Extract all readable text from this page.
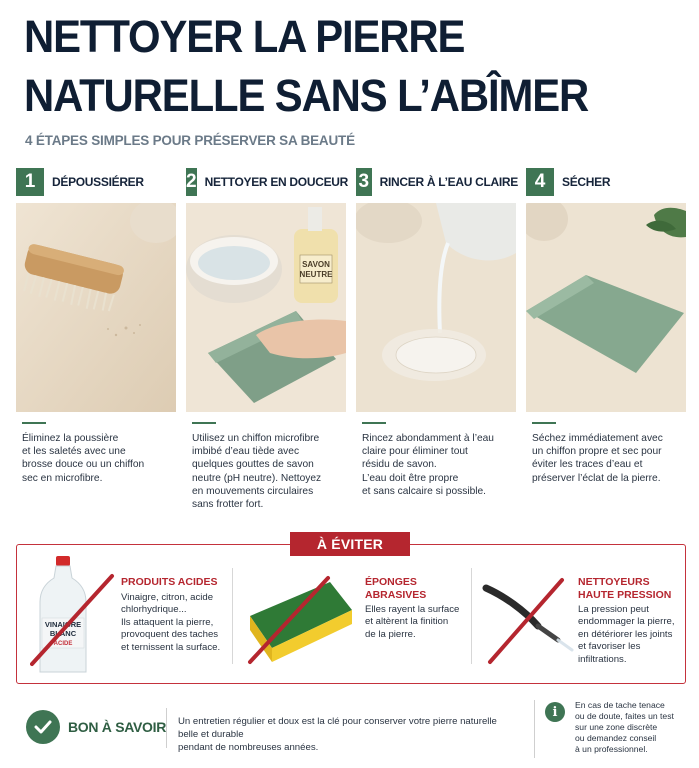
NETTOYER LA PIERRE
NATURELLE SANS L’ABÎMER
4 ÉTAPES SIMPLES POUR PRÉSERVER SA BEAUTÉ
1	DÉPOUSSIÉRER
Éliminez la poussière
et les saletés avec une
brosse douce ou un chiffon
sec en microfibre.
2 NETTOYER EN DOUCEUR
SAVON
NEUTRE
Utilisez un chiffon microfibre
imbibé d’eau tiède avec
quelques gouttes de savon
neutre (pH neutre). Nettoyez
en mouvements circulaires
sans frotter fort.
3 RINCER À L’EAU CLAIRE
Rincez abondamment à l’eau
claire pour éliminer tout
résidu de savon.
L’eau doit être propre
et sans calcaire si possible.
4	SÉCHER
Séchez immédiatement avec
un chiffon propre et sec pour
éviter les traces d’eau et
préserver l’éclat de la pierre.
À ÉVITER
VINAIGRE
BLANC
ACIDE
PRODUITS ACIDES
Vinaigre, citron, acide
chlorhydrique...
Ils attaquent la pierre,
provoquent des taches
et ternissent la surface.
ÉPONGES
ABRASIVES
Elles rayent la surface
et altèrent la finition
de la pierre.
NETTOYEURS
HAUTE PRESSION
La pression peut
endommager la pierre,
en détériorer les joints
et favoriser les
infiltrations.
BON À SAVOIR Un entretien régulier et doux est la clé pour conserver votre pierre naturelle belle et durable
pendant de nombreuses années.
i	En cas de tache tenace
ou de doute, faites un test
sur une zone discrète
ou demandez conseil
à un professionnel.
